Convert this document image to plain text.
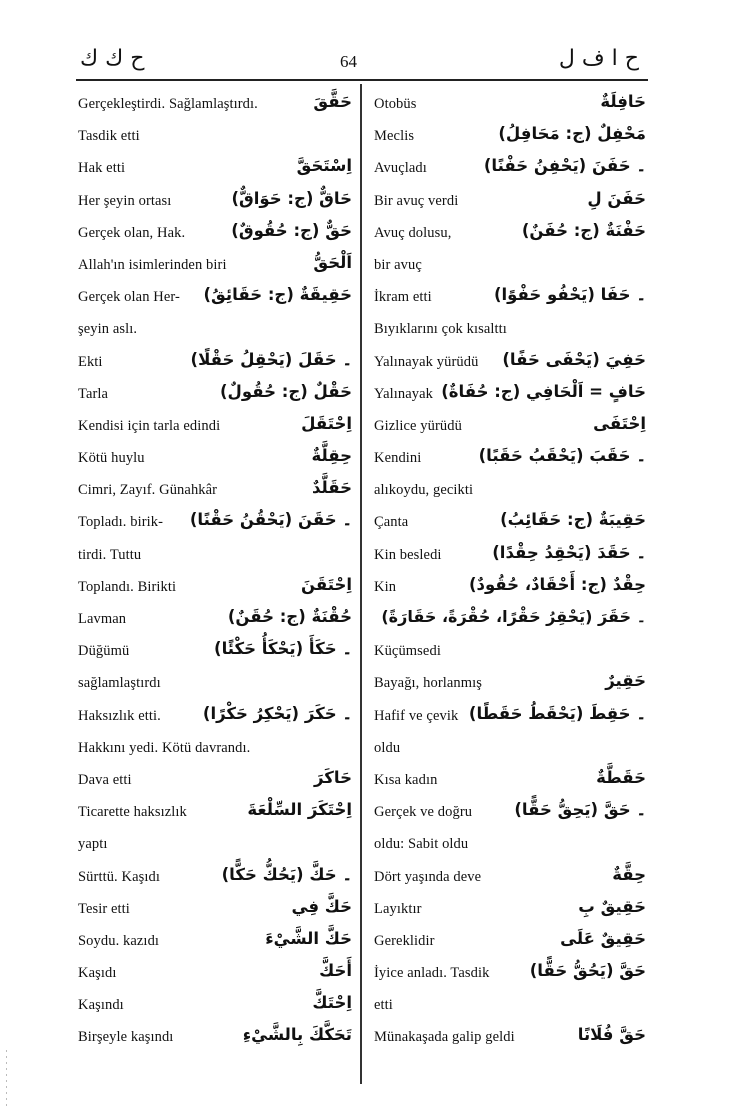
ح ك ك	64	ح ا ف ل
Gerçekleştirdi. Sağlamlaştırdı.	حَقَّقَ
Tasdik etti
Hak etti	اِسْتَحَقَّ
Her şeyin ortası	حَاقٌّ (ج: حَوَاقٌّ)
Gerçek olan, Hak.	حَقٌّ (ج: حُقُوقٌ)
Allah'ın isimlerinden biri	اَلْحَقُّ
Gerçek olan Her- حَقِيقَةٌ (ج: حَقَائِقُ)
şeyin aslı.
Ekti	۔ حَقَلَ (يَحْقِلُ حَقْلًا)
Tarla	حَقْلٌ (ج: حُقُولٌ)
Kendisi için tarla edindi	اِحْتَقَلَ
Kötü huylu	حِقِلَّةٌ
Cimri, Zayıf. Günahkâr	حَقَلَّدٌ
Topladı. birik- ۔ حَقَنَ (يَحْقُنُ حَقْنًا)
tirdi. Tuttu
Toplandı. Birikti	اِحْتَقَنَ
Lavman	حُقْنَةٌ (ج: حُقَنٌ)
Düğümü	۔ حَكَأَ (يَحْكَأُ حَكْئًا)
sağlamlaştırdı
Haksızlık etti.	۔ حَكَرَ (يَحْكِرُ حَكْرًا)
Hakkını yedi. Kötü davrandı.
Dava etti	حَاكَرَ
Ticarette haksızlık	اِحْتَكَرَ السِّلْعَةَ
yaptı
Sürttü. Kaşıdı	۔ حَكَّ (يَحُكُّ حَكًّا)
Tesir etti	حَكَّ فِي
Soydu. kazıdı	حَكَّ الشَّيْءَ
Kaşıdı	أَحَكَّ
Kaşındı	اِحْتَكَّ
Birşeyle kaşındı	تَحَكَّكَ بِالشَّيْءِ
Otobüs	حَافِلَةٌ
Meclis	مَحْفِلٌ (ج: مَحَافِلُ)
Avuçladı	۔ حَفَنَ (يَحْفِنُ حَفْنًا)
Bir avuç verdi	حَفَنَ لِ
Avuç dolusu,	حَفْنَةٌ (ج: حُفَنٌ)
bir avuç
İkram etti	۔ حَفَا (يَحْفُو حَفْوًا)
Bıyıklarını çok kısalttı
Yalınayak yürüdü حَفِيَ (يَحْفَى حَفًا)
Yalınayak حَافٍ = اَلْحَافِي (ج: حُفَاةٌ)
Gizlice yürüdü	اِحْتَفَى
Kendini	۔ حَقَبَ (يَحْقَبُ حَقَبًا)
alıkoydu, gecikti
Çanta	حَقِيبَةٌ (ج: حَقَائِبُ)
Kin besledi	۔ حَقَدَ (يَحْقِدُ حِقْدًا)
Kin	حِقْدٌ (ج: أَحْقَادٌ، حُقُودٌ)
۔ حَقَرَ (يَحْقِرُ حَقْرًا، حُقْرَةً، حَقَارَةً)
Küçümsedi
Bayağı, horlanmış	حَقِيرٌ
Hafif ve çevik ۔ حَقِطَ (يَحْقَطُ حَقَطًا)
oldu
Kısa kadın	حَقَطَّةٌ
Gerçek ve doğru	۔ حَقَّ (يَحِقُّ حَقًّا)
oldu: Sabit oldu
Dört yaşında deve	حِقَّةٌ
Layıktır	حَقِيقٌ بِ
Gereklidir	حَقِيقٌ عَلَى
İyice anladı. Tasdik حَقَّ (يَحُقُّ حَقًّا)
etti
Münakaşada galip geldi	حَقَّ فُلَانًا
